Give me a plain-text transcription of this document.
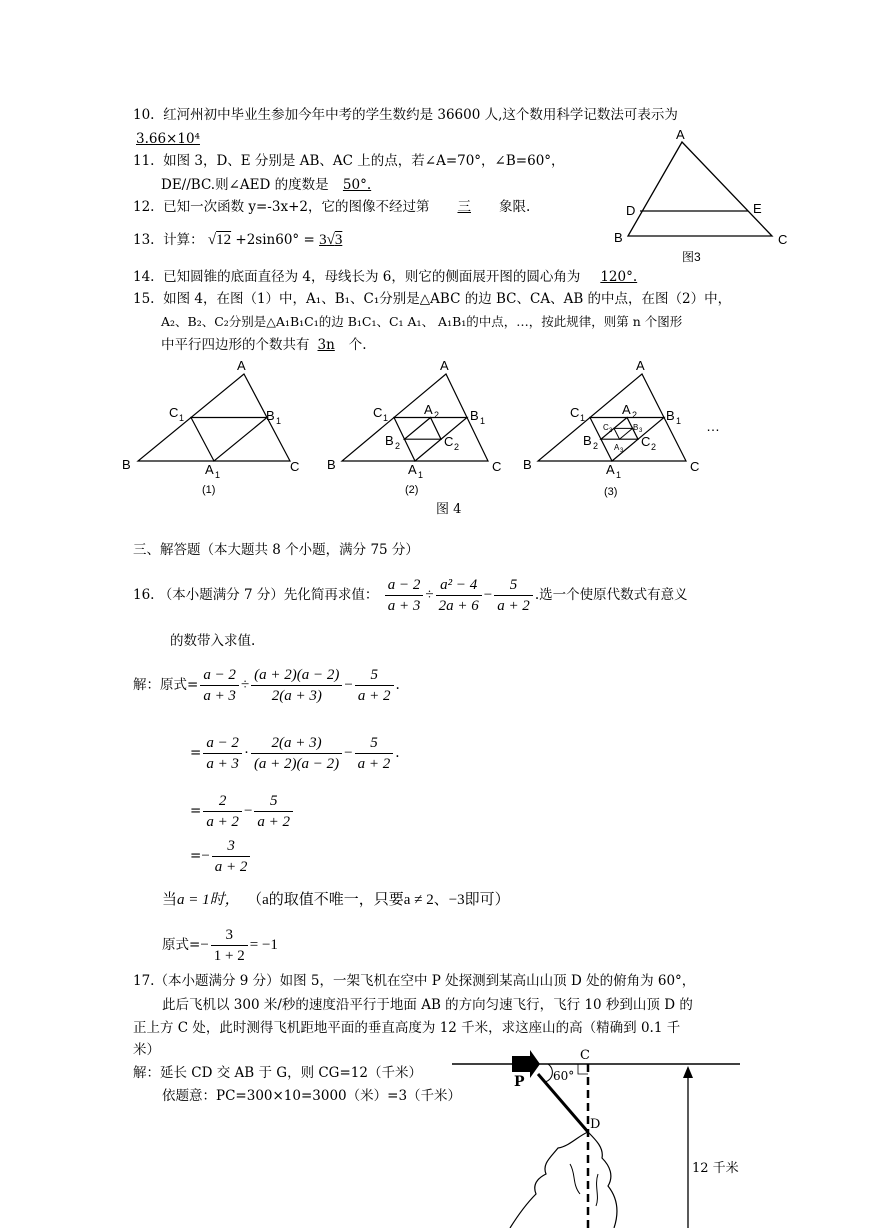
10. 红河州初中毕业生参加今年中考的学生数约是 36600 人,这个数用科学记数法可表示为
3.66×10⁴
11. 如图 3，D、E 分别是 AB、AC 上的点，若∠A=70°，∠B=60°，
DE//BC.则∠AED 的度数是 50°.
12. 已知一次函数 y=-3x+2，它的图像不经过第 三 象限.
13. 计算： √12 +2sin60° = 3√3
A
B	C
D	E
图3
14. 已知圆锥的底面直径为 4，母线长为 6，则它的侧面展开图的圆心角为 120°.
15. 如图 4，在图（1）中，A₁、B₁、C₁分别是△ABC 的边 BC、CA、AB 的中点，在图（2）中，
A₂、B₂、C₂分别是△A₁B₁C₁的边 B₁C₁、C₁ A₁、 A₁B₁的中点，…，按此规律，则第 n 个图形
中平行四边形的个数共有 3n 个.
A
B	C
C 1	B 1
A 1
(1)
A
B	C
C 1	B 1
A 2
B 2	C 2
A 1
(2)
A
B	C
C 1	B 1
A 2
B 2	C 2
C 3	B 3
A 3
A 1
(3)
…
图 4
三、解答题（本大题共 8 个小题，满分 75 分）
16. （本小题满分 7 分）先化简再求值： $\frac{a - 2}{a + 3} \div \frac{\text{a² − 4}}{2a + 6} - \frac{5}{a + 2}$ .选一个使原代数式有意义
的数带入求值.
解：原式= $\frac{a - 2}{a + 3} \div \frac{(a + 2)(a - 2)}{2(a + 3)} - \frac{5}{a + 2}$ .
= $\frac{a - 2}{a + 3} \cdot \frac{2(a + 3)}{(a + 2)(a - 2)} - \frac{5}{a + 2}$ .
= $\frac{2}{a + 2} - \frac{5}{a + 2}$
=− $\frac{3}{a + 2}$
当a = 1时， （a的取值不唯一，只要a ≠ 2、−3即可）
原式=− $\frac{3}{1 + 2} = -1$
17.（本小题满分 9 分）如图 5，一架飞机在空中 P 处探测到某高山山顶 D 处的俯角为 60°，
此后飞机以 300 米/秒的速度沿平行于地面 AB 的方向匀速飞行，飞行 10 秒到山顶 D 的
正上方 C 处，此时测得飞机距地平面的垂直高度为 12 千米，求这座山的高（精确到 0.1 千
米）
解：延长 CD 交 AB 于 G，则 CG=12（千米）
依题意：PC=300×10=3000（米）=3（千米）
P
C
D
60°
12 千米
